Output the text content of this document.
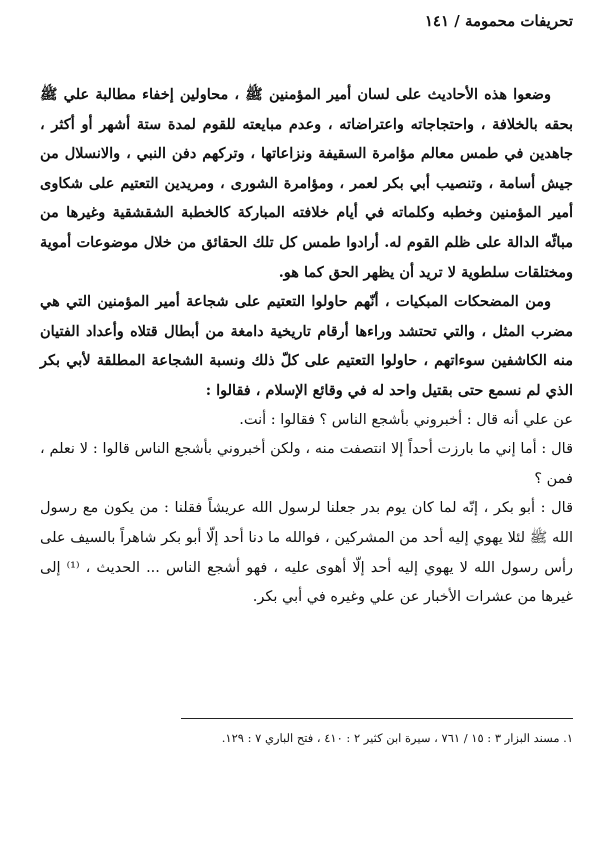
تحريفات محمومة / ١٤١

وضعوا هذه الأحاديث على لسان أمير المؤمنين ﷺ ، محاولين إخفاء مطالبة علي ﷺ بحقه بالخلافة ، واحتجاجاته واعتراضاته ، وعدم مبايعته للقوم لمدة ستة أشهر أو أكثر ، جاهدين في طمس معالم مؤامرة السقيفة ونزاعاتها ، وتركهم دفن النبي ، والانسلال من جيش أسامة ، وتنصيب أبي بكر لعمر ، ومؤامرة الشورى ، ومريدين التعتيم على شكاوى أمير المؤمنين وخطبه وكلماته في أيام خلافته المباركة كالخطبة الشقشقية وغيرها من مبائّه الدالة على ظلم القوم له. أرادوا طمس كل تلك الحقائق من خلال موضوعات أموية ومختلقات سلطوية لا تريد أن يظهر الحق كما هو.

ومن المضحكات المبكيات ، أنّهم حاولوا التعتيم على شجاعة أمير المؤمنين التي هي مضرب المثل ، والتي تحتشد وراءها أرقام تاريخية دامغة من أبطال قتلاه وأعداد الفتيان منه الكاشفين سوءاتهم ، حاولوا التعتيم على كلّ ذلك ونسبة الشجاعة المطلقة لأبي بكر الذي لم نسمع حتى بقتيل واحد له في وقائع الإسلام ، فقالوا :

عن علي أنه قال : أخبروني بأشجع الناس ؟ فقالوا : أنت.

قال : أما إني ما بارزت أحداً إلا انتصفت منه ، ولكن أخبروني بأشجع الناس قالوا : لا نعلم ، فمن ؟

قال : أبو بكر ، إنّه لما كان يوم بدر جعلنا لرسول الله عريشاً فقلنا : من يكون مع رسول الله ﷺ لئلا يهوي إليه أحد من المشركين ، فوالله ما دنا أحد إلّا أبو بكر شاهراً بالسيف على رأس رسول الله لا يهوي إليه أحد إلّا أهوى عليه ، فهو أشجع الناس ... الحديث ، ⁽¹⁾ إلى غيرها من عشرات الأخبار عن علي وغيره في أبي بكر.

١. مسند البزار ٣ : ١٥ / ٧٦١ ، سيرة ابن كثير ٢ : ٤١٠ ، فتح الباري ٧ : ١٢٩.
